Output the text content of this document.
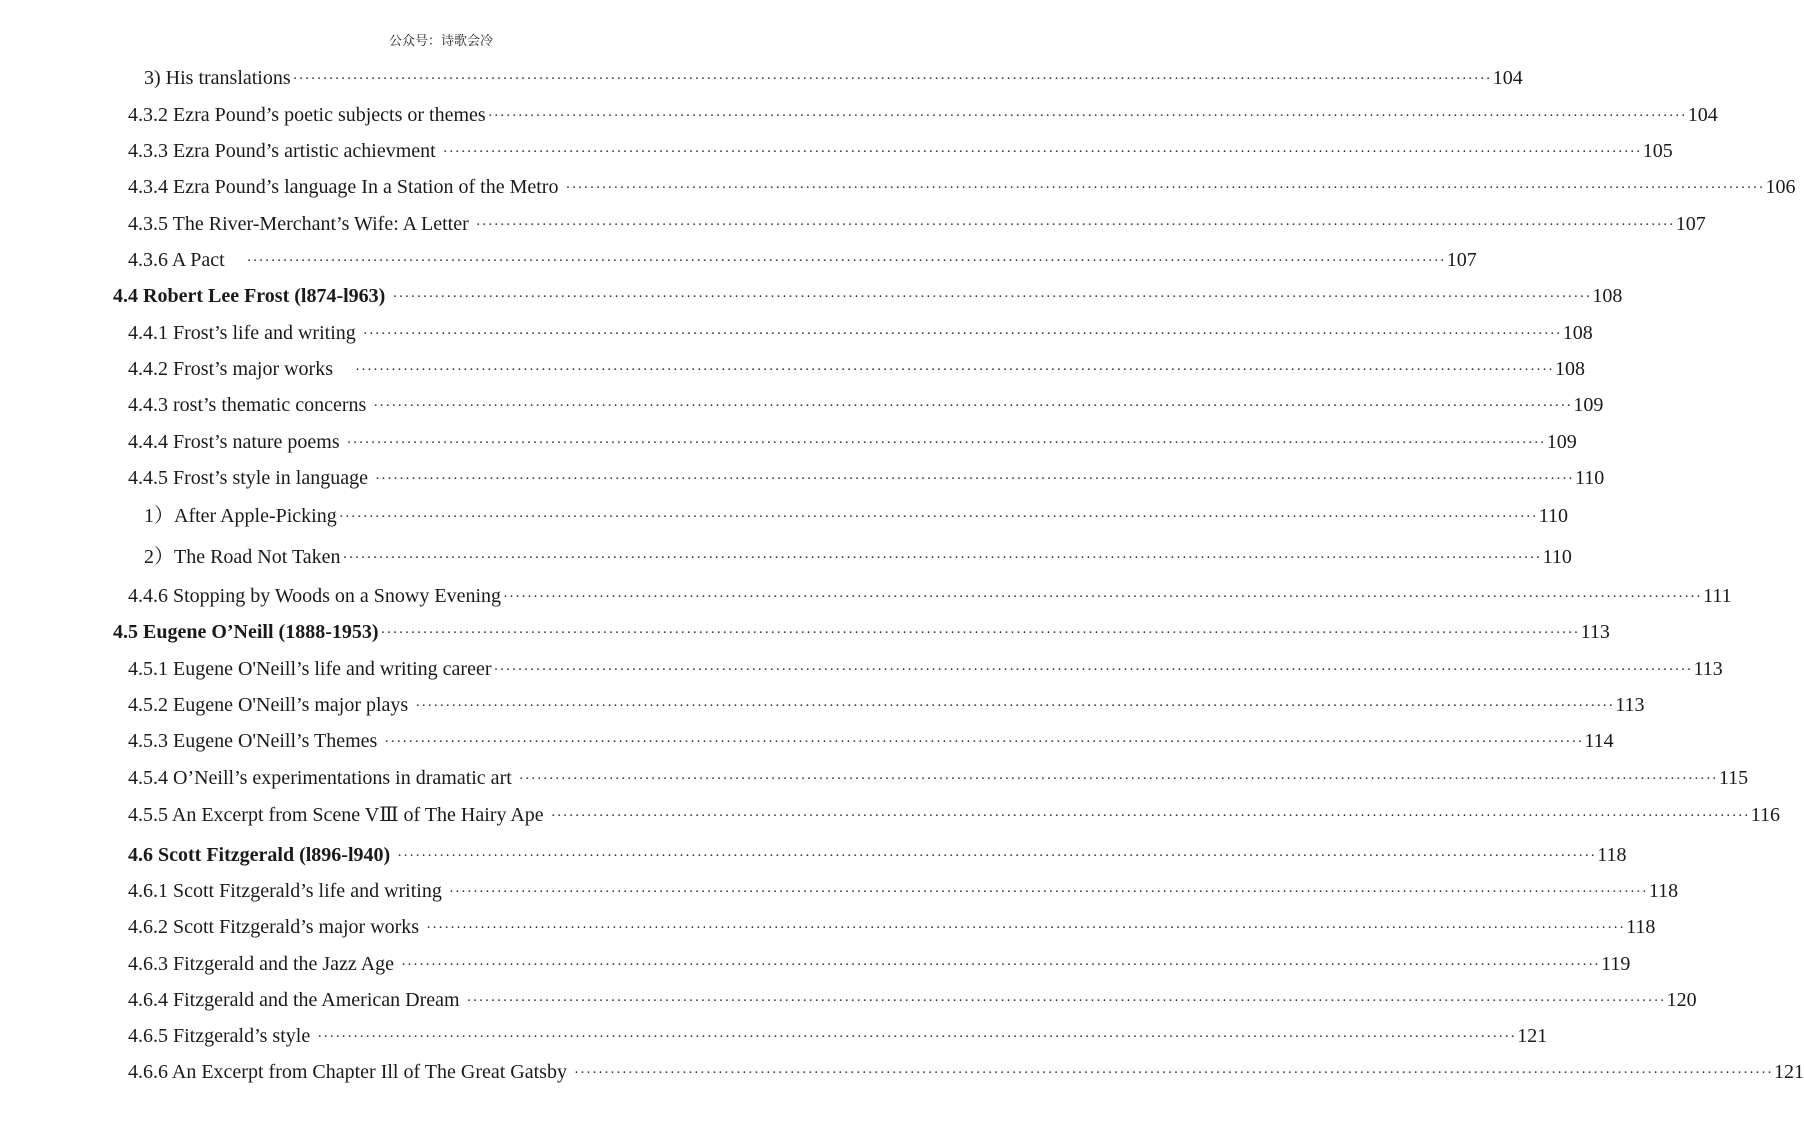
公众号：诗歌会冷
3) His translations ········································································································································································································ 104
4.3.2 Ezra Pound’s poetic subjects or themes ········································································································································································································ 104
4.3.3 Ezra Pound’s artistic achievment ········································································································································································································ 105
4.3.4 Ezra Pound’s language In a Station of the Metro ········································································································································································································ 106
4.3.5 The River-Merchant’s Wife: A Letter ········································································································································································································ 107
4.3.6 A Pact ········································································································································································································ 107
4.4 Robert Lee Frost (l874-l963) ········································································································································································································ 108
4.4.1 Frost’s life and writing ········································································································································································································ 108
4.4.2 Frost’s major works ········································································································································································································ 108
4.4.3 rost’s thematic concerns ········································································································································································································ 109
4.4.4 Frost’s nature poems ········································································································································································································ 109
4.4.5 Frost’s style in language ········································································································································································································ 110
1）After Apple-Picking ········································································································································································································ 110
2）The Road Not Taken ········································································································································································································ 110
4.4.6 Stopping by Woods on a Snowy Evening ········································································································································································································ 111
4.5 Eugene O’Neill (1888-1953) ········································································································································································································ 113
4.5.1 Eugene O'Neill’s life and writing career ········································································································································································································ 113
4.5.2 Eugene O'Neill’s major plays ········································································································································································································ 113
4.5.3 Eugene O'Neill’s Themes ········································································································································································································ 114
4.5.4 O’Neill’s experimentations in dramatic art ········································································································································································································ 115
4.5.5 An Excerpt from Scene VⅢ of The Hairy Ape ········································································································································································································ 116
4.6 Scott Fitzgerald (l896-l940) ········································································································································································································ 118
4.6.1 Scott Fitzgerald’s life and writing ········································································································································································································ 118
4.6.2 Scott Fitzgerald’s major works ········································································································································································································ 118
4.6.3 Fitzgerald and the Jazz Age ········································································································································································································ 119
4.6.4 Fitzgerald and the American Dream ········································································································································································································ 120
4.6.5 Fitzgerald’s style ········································································································································································································ 121
4.6.6 An Excerpt from Chapter Ill of The Great Gatsby ········································································································································································································ 121
